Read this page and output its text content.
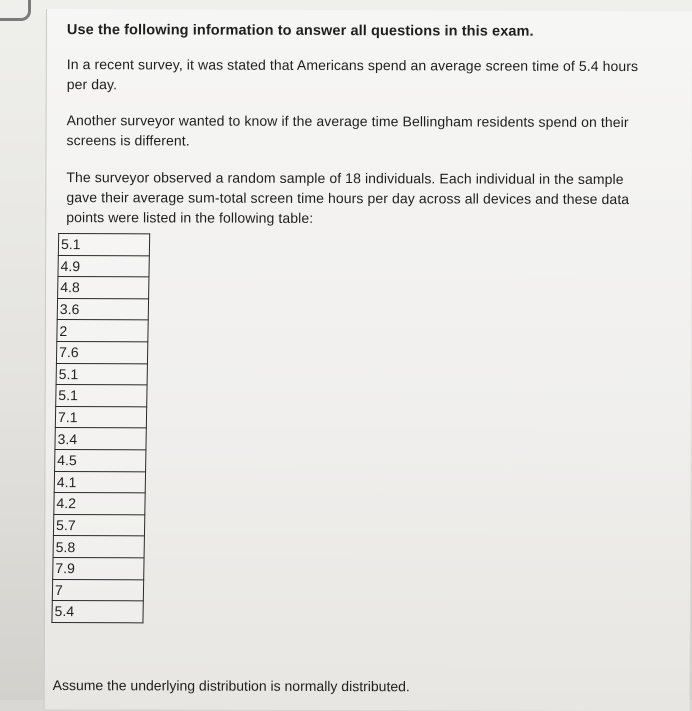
Use the following information to answer all questions in this exam.
In a recent survey, it was stated that Americans spend an average screen time of 5.4 hours per day.
Another surveyor wanted to know if the average time Bellingham residents spend on their screens is different.
The surveyor observed a random sample of 18 individuals. Each individual in the sample gave their average sum-total screen time hours per day across all devices and these data points were listed in the following table:
5.1
4.9
4.8
3.6
2
7.6
5.1
5.1
7.1
3.4
4.5
4.1
4.2
5.7
5.8
7.9
7
5.4
Assume the underlying distribution is normally distributed.
